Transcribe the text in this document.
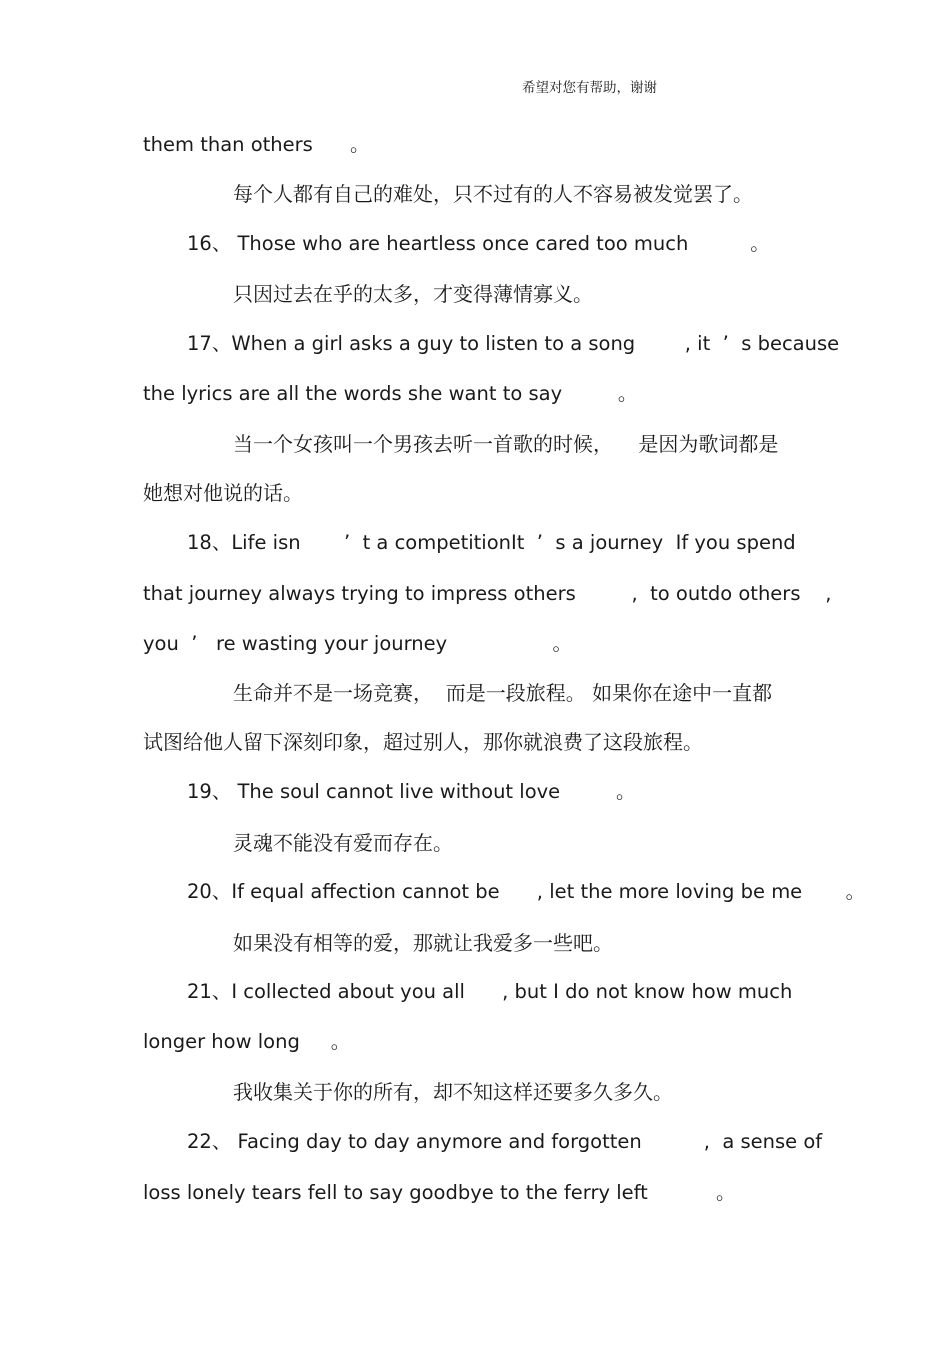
希望对您有帮助，谢谢
them than others      。
每个人都有自己的难处，只不过有的人不容易被发觉罢了。
16、 Those who are heartless once cared too much          。
只因过去在乎的太多，才变得薄情寡义。
17、When a girl asks a guy to listen to a song        , it  ’  s because
the lyrics are all the words she want to say         。
当一个女孩叫一个男孩去听一首歌的时候，    是因为歌词都是
她想对他说的话。
18、Life isn       ’  t a competitionIt  ’  s a journey  If you spend
that journey always trying to impress others         ,  to outdo others    ,
you  ’   re wasting your journey                 。
生命并不是一场竞赛，  而是一段旅程。 如果你在途中一直都
试图给他人留下深刻印象，超过别人，那你就浪费了这段旅程。
19、 The soul cannot live without love         。
灵魂不能没有爱而存在。
20、If equal affection cannot be      , let the more loving be me       。
如果没有相等的爱，那就让我爱多一些吧。
21、I collected about you all      , but I do not know how much
longer how long     。
我收集关于你的所有，却不知这样还要多久多久。
22、 Facing day to day anymore and forgotten          ,  a sense of
loss lonely tears fell to say goodbye to the ferry left           。
